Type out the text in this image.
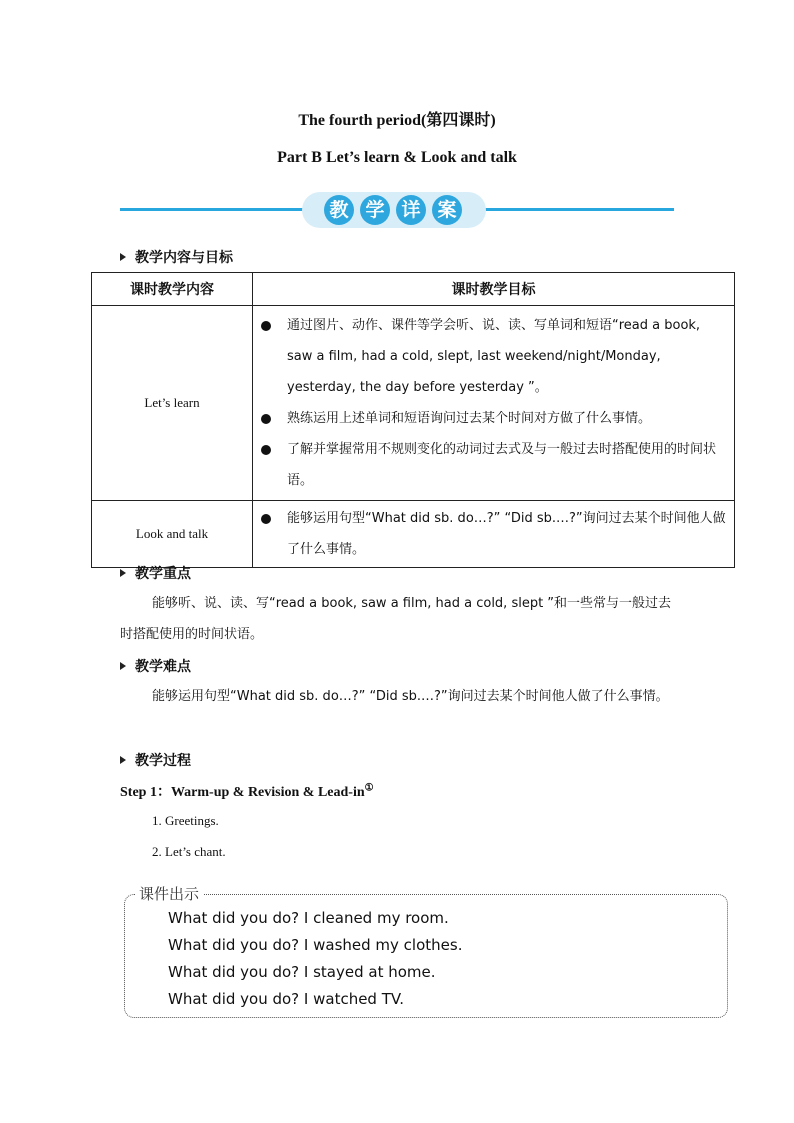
The fourth period(第四课时)
Part B Let’s learn & Look and talk
教 学 详 案
教学内容与目标
课时教学内容	课时教学目标
Let’s learn	通过图片、动作、课件等学会听、说、读、写单词和短语“read a book, saw a film, had a cold, slept, last weekend/night/Monday, yesterday, the day before yesterday ”。
熟练运用上述单词和短语询问过去某个时间对方做了什么事情。
了解并掌握常用不规则变化的动词过去式及与一般过去时搭配使用的时间状语。

Look and talk	能够运用句型“What did sb. do…?” “Did sb.…?”询问过去某个时间他人做了什么事情。
教学重点
能够听、说、读、写“read a book, saw a film, had a cold, slept ”和一些常与一般过去时搭配使用的时间状语。
教学难点
能够运用句型“What did sb. do…?” “Did sb.…?”询问过去某个时间他人做了什么事情。
教学过程
Step 1：Warm-up & Revision & Lead-in①
1. Greetings.
2. Let’s chant.
课件出示
What did you do? I cleaned my room.
What did you do? I washed my clothes.
What did you do? I stayed at home.
What did you do? I watched TV.
